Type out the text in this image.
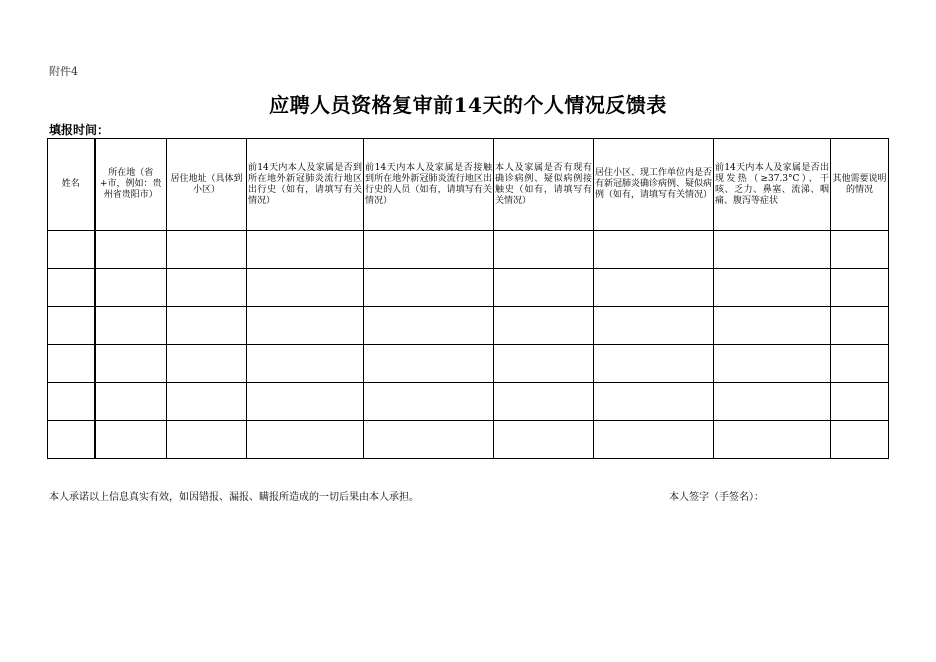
附件4
应聘人员资格复审前14天的个人情况反馈表
填报时间：
姓名	所在地（省+市，例如：贵州省贵阳市）	居住地址（具体到小区）	前14天内本人及家属是否到所在地外新冠肺炎流行地区出行史（如有，请填写有关情况）	前14天内本人及家属是否接触到所在地外新冠肺炎流行地区出行史的人员（如有，请填写有关情况）	本人及家属是否有现有确诊病例、疑似病例接触史（如有，请填写有关情况）	居住小区、现工作单位内是否有新冠肺炎确诊病例、疑似病例（如有，请填写有关情况）	前14天内本人及家属是否出现发热（≥37.3°C）、干咳、乏力、鼻塞、流涕、咽痛、腹泻等症状	其他需要说明的情况

本人承诺以上信息真实有效，如因错报、漏报、瞒报所造成的一切后果由本人承担。	本人签字（手签名）：
